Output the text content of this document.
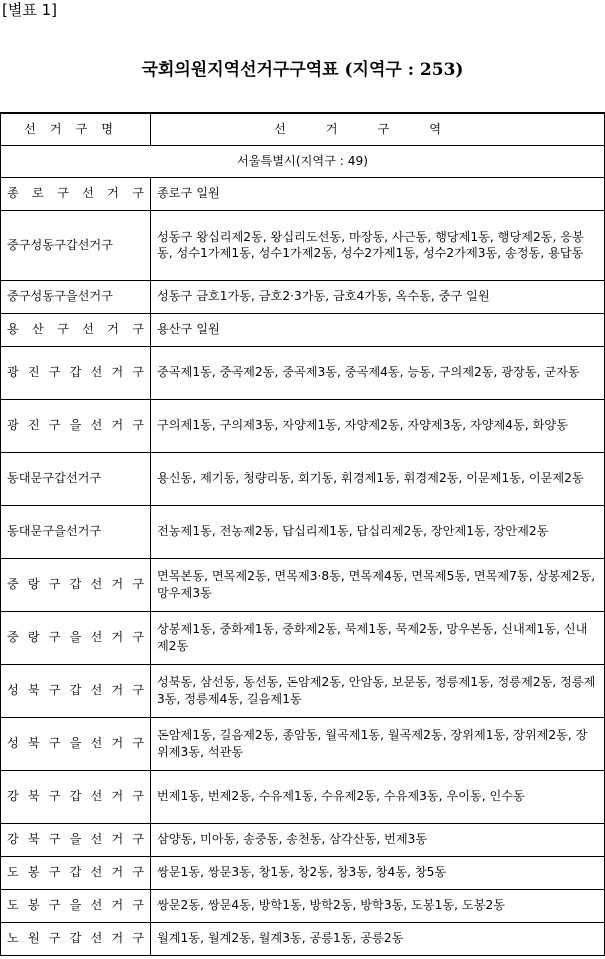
[별표 1]
국회의원지역선거구구역표 (지역구 : 253)
선거구명	선거구역
서울특별시(지역구 : 49)	
종 로 구 선 거 구	종로구 일원
중구성동구갑선거구	성동구 왕십리제2동, 왕십리도선동, 마장동, 사근동, 행당제1동, 행당제2동, 응봉동, 성수1가제1동, 성수1가제2동, 성수2가제1동, 성수2가제3동, 송정동, 용답동
중구성동구을선거구	성동구 금호1가동, 금호2·3가동, 금호4가동, 옥수동, 중구 일원
용 산 구 선 거 구	용산구 일원
광 진 구 갑 선 거 구	중곡제1동, 중곡제2동, 중곡제3동, 중곡제4동, 능동, 구의제2동, 광장동, 군자동
광 진 구 을 선 거 구	구의제1동, 구의제3동, 자양제1동, 자양제2동, 자양제3동, 자양제4동, 화양동
동대문구갑선거구	용신동, 제기동, 청량리동, 회기동, 휘경제1동, 휘경제2동, 이문제1동, 이문제2동
동대문구을선거구	전농제1동, 전농제2동, 답십리제1동, 답십리제2동, 장안제1동, 장안제2동
중 랑 구 갑 선 거 구	면목본동, 면목제2동, 면목제3·8동, 면목제4동, 면목제5동, 면목제7동, 상봉제2동, 망우제3동
중 랑 구 을 선 거 구	상봉제1동, 중화제1동, 중화제2동, 묵제1동, 묵제2동, 망우본동, 신내제1동, 신내제2동
성 북 구 갑 선 거 구	성북동, 삼선동, 동선동, 돈암제2동, 안암동, 보문동, 정릉제1동, 정릉제2동, 정릉제3동, 정릉제4동, 길음제1동
성 북 구 을 선 거 구	돈암제1동, 길음제2동, 종암동, 월곡제1동, 월곡제2동, 장위제1동, 장위제2동, 장위제3동, 석관동
강 북 구 갑 선 거 구	번제1동, 번제2동, 수유제1동, 수유제2동, 수유제3동, 우이동, 인수동
강 북 구 을 선 거 구	삼양동, 미아동, 송중동, 송천동, 삼각산동, 번제3동
도 봉 구 갑 선 거 구	쌍문1동, 쌍문3동, 창1동, 창2동, 창3동, 창4동, 창5동
도 봉 구 을 선 거 구	쌍문2동, 쌍문4동, 방학1동, 방학2동, 방학3동, 도봉1동, 도봉2동
노 원 구 갑 선 거 구	월계1동, 월계2동, 월계3동, 공릉1동, 공릉2동
